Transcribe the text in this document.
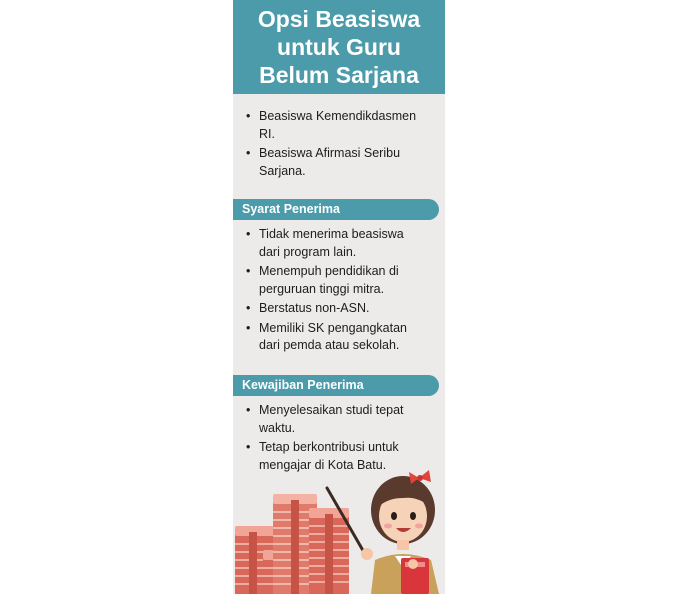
Opsi Beasiswa
untuk Guru
Belum Sarjana
• Beasiswa Kemendikdasmen
RI.
• Beasiswa Afirmasi Seribu
Sarjana.
Syarat Penerima
• Tidak menerima beasiswa
dari program lain.
• Menempuh pendidikan di
perguruan tinggi mitra.
• Berstatus non-ASN.
• Memiliki SK pengangkatan
dari pemda atau sekolah.
Kewajiban Penerima
• Menyelesaikan studi tepat
waktu.
• Tetap berkontribusi untuk
mengajar di Kota Batu.
